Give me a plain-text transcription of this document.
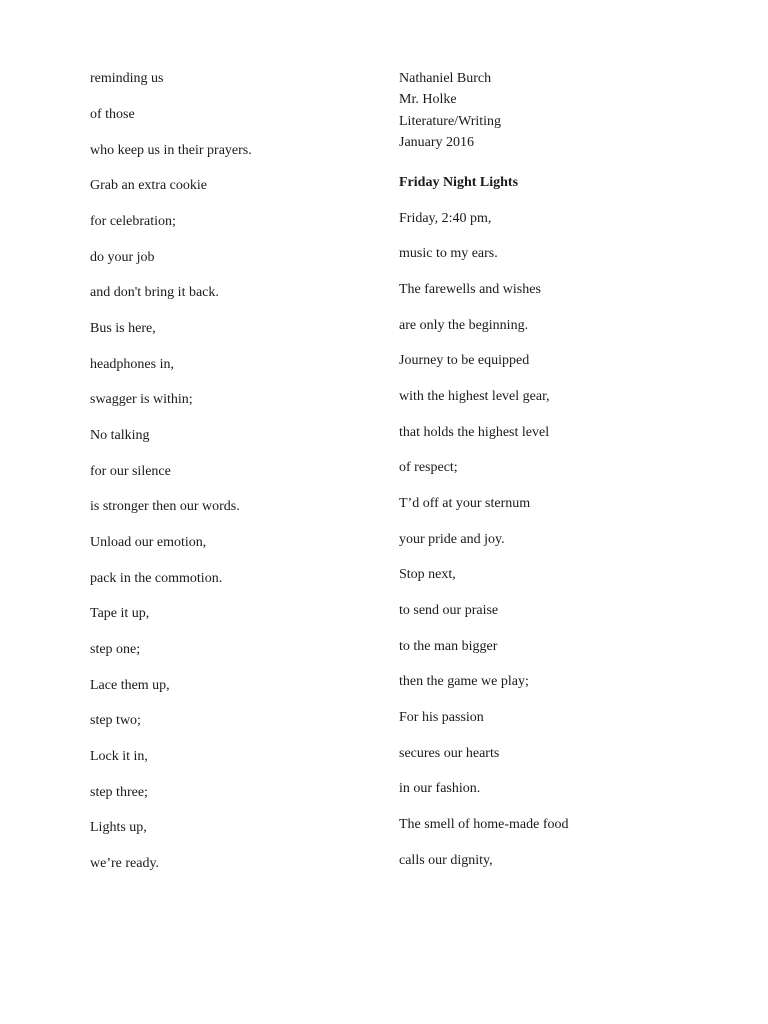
reminding us
of those
who keep us in their prayers.
Grab an extra cookie
for celebration;
do your job
and don't bring it back.
Bus is here,
headphones in,
swagger is within;
No talking
for our silence
is stronger then our words.
Unload our emotion,
pack in the commotion.
Tape it up,
step one;
Lace them up,
step two;
Lock it in,
step three;
Lights up,
we’re ready.
Nathaniel Burch
Mr. Holke
Literature/Writing
January 2016
Friday Night Lights
Friday, 2:40 pm,
music to my ears.
The farewells and wishes
are only the beginning.
Journey to be equipped
with the highest level gear,
that holds the highest level
of respect;
T’d off at your sternum
your pride and joy.
Stop next,
to send our praise
to the man bigger
then the game we play;
For his passion
secures our hearts
in our fashion.
The smell of home-made food
calls our dignity,
